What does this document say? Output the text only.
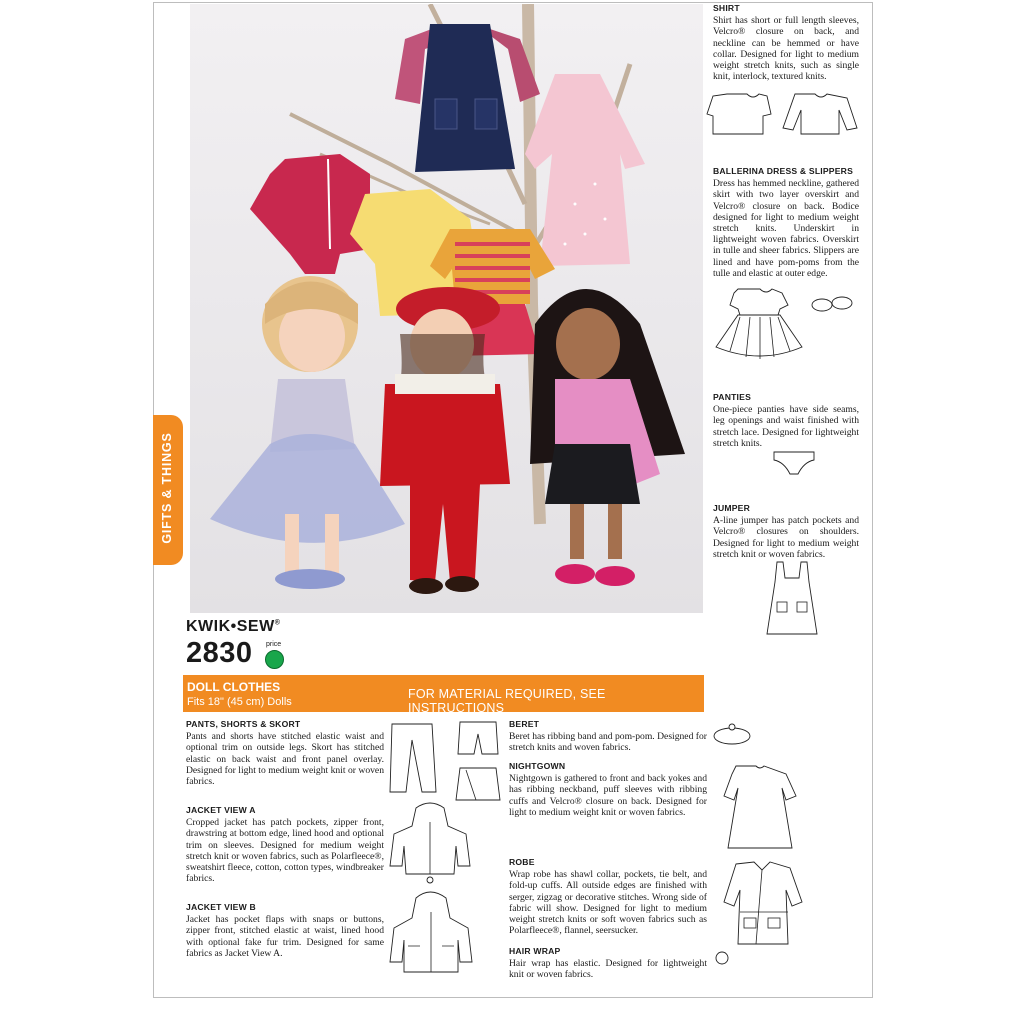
GIFTS & THINGS
KWIK•SEW®
2830 price
DOLL CLOTHES
Fits 18" (45 cm) Dolls
FOR MATERIAL REQUIRED, SEE INSTRUCTIONS
SHIRT

Shirt has short or full length sleeves, Velcro® closure on back, and neckline can be hemmed or have collar. Designed for light to medium weight stretch knits, such as single knit, interlock, textured knits.

BALLERINA DRESS & SLIPPERS

Dress has hemmed neckline, gathered skirt with two layer overskirt and Velcro® closure on back. Bodice designed for light to medium weight stretch knits. Underskirt in lightweight woven fabrics. Overskirt in tulle and sheer fabrics. Slippers are lined and have pom-poms from the tulle and elastic at outer edge.

PANTIES

One-piece panties have side seams, leg openings and waist finished with stretch lace. Designed for lightweight stretch knits.

JUMPER

A-line jumper has patch pockets and Velcro® closures on shoulders. Designed for light to medium weight stretch knit or woven fabrics.

PANTS, SHORTS & SKORT

Pants and shorts have stitched elastic waist and optional trim on outside legs. Skort has stitched elastic on back waist and front panel overlay. Designed for light to medium weight knit or woven fabrics.

JACKET VIEW A

Cropped jacket has patch pockets, zipper front, drawstring at bottom edge, lined hood and optional trim on sleeves. Designed for medium weight stretch knit or woven fabrics, such as Polarfleece®, sweatshirt fleece, cotton, cotton types, windbreaker fabrics.

JACKET VIEW B

Jacket has pocket flaps with snaps or buttons, zipper front, stitched elastic at waist, lined hood with optional fake fur trim. Designed for same fabrics as Jacket View A.

BERET

Beret has ribbing band and pom-pom. Designed for stretch knits and woven fabrics.

NIGHTGOWN

Nightgown is gathered to front and back yokes and has ribbing neckband, puff sleeves with ribbing cuffs and Velcro® closure on back. Designed for light to medium weight knit or woven fabrics.

ROBE

Wrap robe has shawl collar, pockets, tie belt, and fold-up cuffs. All outside edges are finished with serger, zigzag or decorative stitches. Wrong side of fabric will show. Designed for light to medium weight stretch knits or soft woven fabrics such as Polarfleece®, flannel, seersucker.

HAIR WRAP

Hair wrap has elastic. Designed for lightweight knit or woven fabrics.
